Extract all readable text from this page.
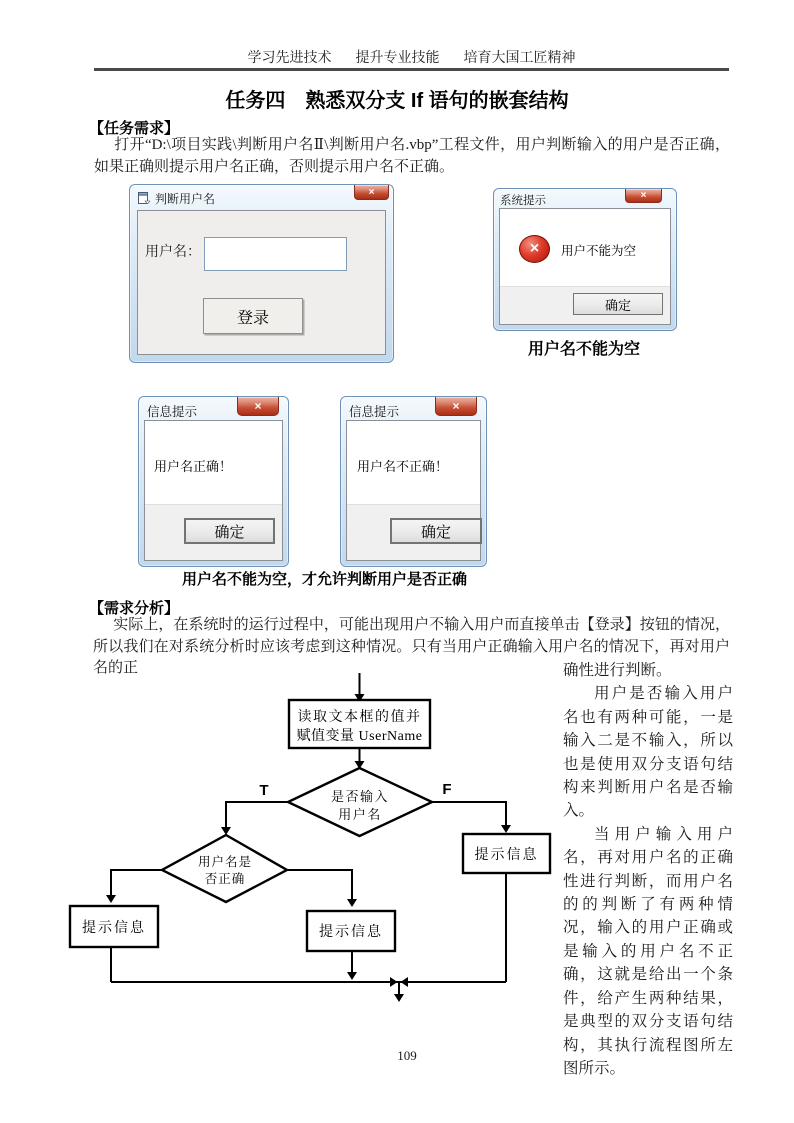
学习先进技术 提升专业技能 培育大国工匠精神
任务四　熟悉双分支 If 语句的嵌套结构
【任务需求】
打开“D:\项目实践\判断用户名Ⅱ\判断用户名.vbp”工程文件，用户判断输入的用户是否正确，如果正确则提示用户名正确，否则提示用户名不正确。
判断用户名	×
用户名：
登录
系统提示	×
×	用户不能为空
确定
用户名不能为空
信息提示	×
用户名正确！
确定
信息提示	×
用户名不正确！
确定
用户名不能为空，才允许判断用户是否正确
【需求分析】
实际上，在系统时的运行过程中，可能出现用户不输入用户而直接单击【登录】按钮的情况，所以我们在对系统分析时应该考虑到这种情况。只有当用户正确输入用户名的情况下，再对用户名的正	确性进行判断。

用户是否输入用户名也有两种可能，一是输入二是不输入，所以也是使用双分支语句结构来判断用户名是否输入。

当用户输入用户名，再对用户名的正确性进行判断，而用户名的的判断了有两种情况，输入的用户正确或是输入的用户名不正确，这就是给出一个条件，给产生两种结果，是典型的双分支语句结构，其执行流程图所左图所示。

读取文本框的值并
赋值变量 UserName
是否输入
用户名
T	F
用户名是
否正确
提示信息	提示信息
提示信息
109
